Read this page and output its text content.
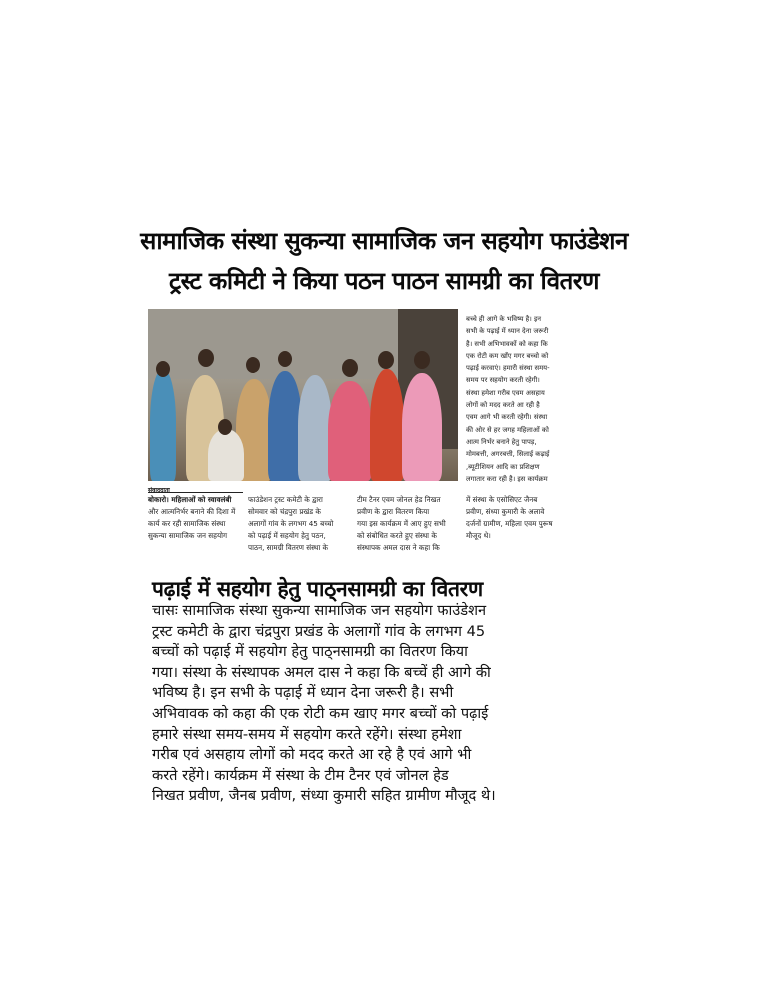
सामाजिक संस्था सुकन्या सामाजिक जन सहयोग फाउंडेशन
ट्रस्ट कमिटी ने किया पठन पाठन सामग्री का वितरण
संवाददाता

बच्चे ही आगे के भविष्य है। इन

सभी के पढ़ाई में ध्यान देना जरूरी

है। सभी अभिभावकों को कहा कि

एक रोटी कम खाँए मगर बच्चो को

पढ़ाई करवाएं। हमारी संस्था समय-

समय पर सहयोग करती रहेगी।

संस्था हमेशा गरीब एवम असहाय

लोगों को मदद करते आ रही है

एवम आगे भी करती रहेगी। संस्था

की ओर से हर जगह महिलाओं को

आत्म निर्भर बनाने हेतु पापड़,

मोमबत्ती, अगरबत्ती, सिलाई कढ़ाई

,ब्यूटीशियन आदि का प्रशिक्षण

लगातार करा रही है। इस कार्यक्रम

बोकारो। महिलाओं को स्वावलंबी

और आत्मनिर्भर बनाने की दिशा में

कार्य कर रही सामाजिक संस्था

सुकन्या सामाजिक जन सहयोग

फाउंडेशन ट्रस्ट कमेटी के द्वारा

सोमवार को चंद्रपुरा प्रखंड के

अलागों गांव के लगभग 45 बच्चो

को पढ़ाई में सहयोग हेतु पठन,

पाठन, सामग्री वितरण संस्था के

टीम टैनर एवम जोनल हेड निखत

प्रवीण के द्वारा वितरण किया

गया इस कार्यक्रम में आए हुए सभी

को संबोधित करते हुए संस्था के

संस्थापक अमल दास ने कहा कि

में संस्था के एसोसिएट जैनब

प्रवीण, संध्या कुमारी के अलावे

दर्जनों ग्रामीण, महिला एवम पुरूष

मौजूद थे।

पढ़ाई में सहयोग हेतु पाठ्नसामग्री का वितरण
चासः सामाजिक संस्था सुकन्या सामाजिक जन सहयोग फाउंडेशन
ट्रस्ट कमेटी के द्वारा चंद्रपुरा प्रखंड के अलागों गांव के लगभग 45
बच्चों को पढ़ाई में सहयोग हेतु पाठ्नसामग्री का वितरण किया
गया। संस्था के संस्थापक अमल दास ने कहा कि बच्चें ही आगे की
भविष्य है। इन सभी के पढ़ाई में ध्यान देना जरूरी है। सभी
अभिवावक को कहा की एक रोटी कम खाए मगर बच्चों को पढ़ाई
हमारे संस्था समय-समय में सहयोग करते रहेंगे। संस्था हमेशा
गरीब एवं असहाय लोगों को मदद करते आ रहे है एवं आगे भी
करते रहेंगे। कार्यक्रम में संस्था के टीम टैनर एवं जोनल हेड
निखत प्रवीण, जैनब प्रवीण, संध्या कुमारी सहित ग्रामीण मौजूद थे।
